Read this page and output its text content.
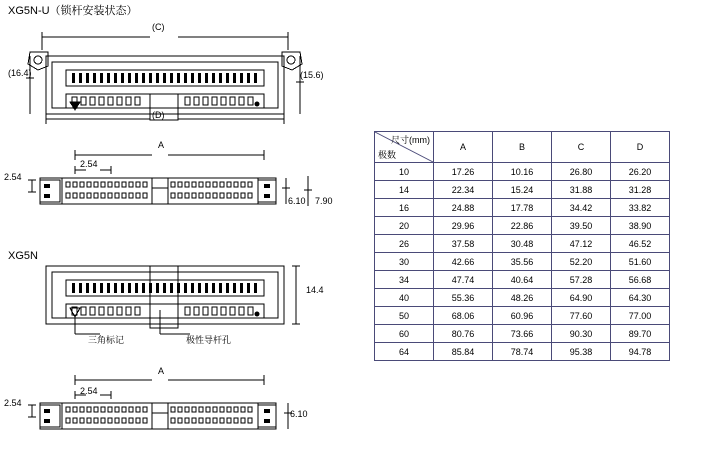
XG5N-U（锁杆安装状态）
(C)
(16.4)	(15.6)
(D)
A
2.54
2.54
6.10 7.90
XG5N
14.4
三角标记	极性导杆孔
A
2.54
2.54
6.10
尺寸(mm)
极数	A	B	C	D
10	17.26	10.16	26.80	26.20
14	22.34	15.24	31.88	31.28
16	24.88	17.78	34.42	33.82
20	29.96	22.86	39.50	38.90
26	37.58	30.48	47.12	46.52
30	42.66	35.56	52.20	51.60
34	47.74	40.64	57.28	56.68
40	55.36	48.26	64.90	64.30
50	68.06	60.96	77.60	77.00
60	80.76	73.66	90.30	89.70
64	85.84	78.74	95.38	94.78
